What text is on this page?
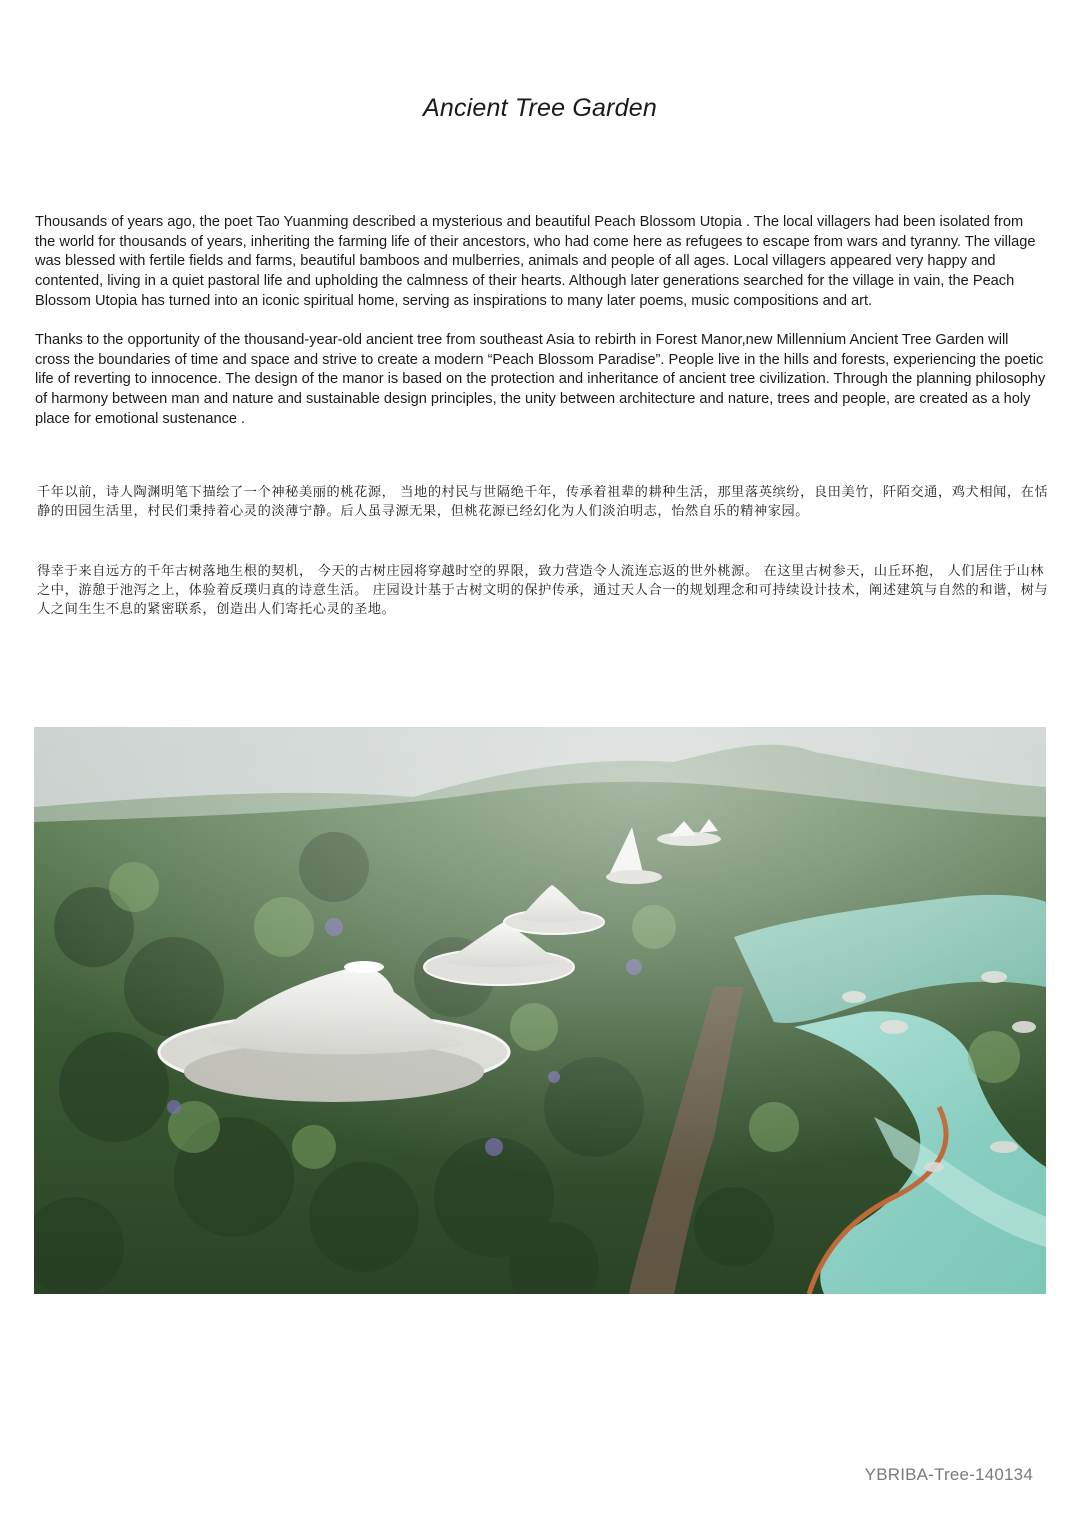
Ancient Tree Garden

Thousands of years ago, the poet Tao Yuanming described a mysterious and beautiful Peach Blossom Utopia . The local villagers had been isolated from the world for thousands of years, inheriting the farming life of their ancestors, who had come here as refugees to escape from wars and tyranny. The village was blessed with fertile fields and farms, beautiful bamboos and mulberries, animals and people of all ages. Local villagers appeared very happy and contented, living in a quiet pastoral life and upholding the calmness of their hearts. Although later generations searched for the village in vain, the Peach Blossom Utopia has turned into an iconic spiritual home, serving as inspirations to many later poems, music compositions and art.

Thanks to the opportunity of the thousand-year-old ancient tree from southeast Asia to rebirth in Forest Manor,new Millennium Ancient Tree Garden will cross the boundaries of time and space and strive to create a modern “Peach Blossom Paradise”. People live in the hills and forests, experiencing the poetic life of reverting to innocence. The design of the manor is based on the protection and inheritance of ancient tree civilization. Through the planning philosophy of harmony between man and nature and sustainable design principles, the unity between architecture and nature, trees and people, are created as a holy place for emotional sustenance .

千年以前，诗人陶渊明笔下描绘了一个神秘美丽的桃花源， 当地的村民与世隔绝千年，传承着祖辈的耕种生活，那里落英缤纷，良田美竹，阡陌交通，鸡犬相闻，在恬静的田园生活里，村民们秉持着心灵的淡薄宁静。后人虽寻源无果，但桃花源已经幻化为人们淡泊明志，怡然自乐的精神家园。

得幸于来自远方的千年古树落地生根的契机， 今天的古树庄园将穿越时空的界限，致力营造令人流连忘返的世外桃源。 在这里古树参天，山丘环抱， 人们居住于山林之中，游憩于池泻之上，体验着反璞归真的诗意生活。 庄园设计基于古树文明的保护传承，通过天人合一的规划理念和可持续设计技术，阐述建筑与自然的和谐，树与人之间生生不息的紧密联系，创造出人们寄托心灵的圣地。

YBRIBA-Tree-140134
